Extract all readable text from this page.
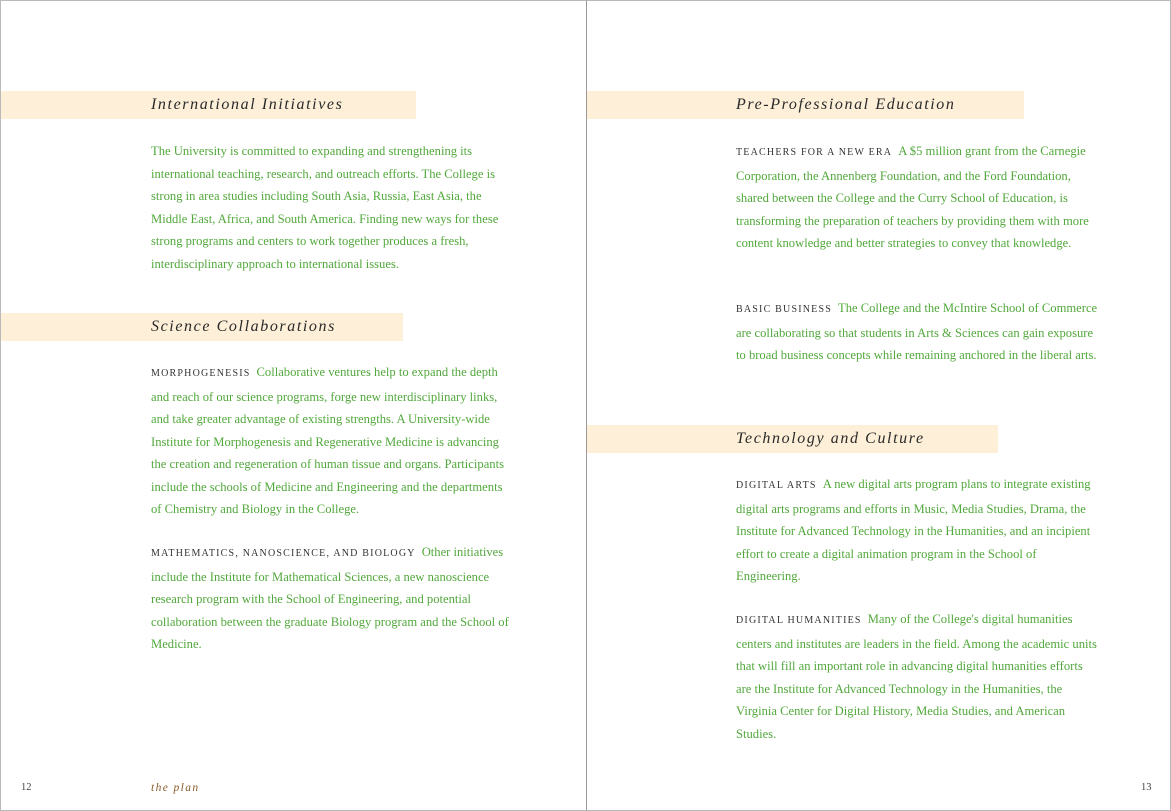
International Initiatives

The University is committed to expanding and strengthening its international teaching, research, and outreach efforts. The College is strong in area studies including South Asia, Russia, East Asia, the Middle East, Africa, and South America. Finding new ways for these strong programs and centers to work together produces a fresh, interdisciplinary approach to international issues.

Science Collaborations

MORPHOGENESIS Collaborative ventures help to expand the depth and reach of our science programs, forge new interdisciplinary links, and take greater advantage of existing strengths. A University-wide Institute for Morphogenesis and Regenerative Medicine is advancing the creation and regeneration of human tissue and organs. Participants include the schools of Medicine and Engineering and the departments of Chemistry and Biology in the College.

MATHEMATICS, NANOSCIENCE, AND BIOLOGY Other initiatives include the Institute for Mathematical Sciences, a new nanoscience research program with the School of Engineering, and potential collaboration between the graduate Biology program and the School of Medicine.

12	the plan
Pre-Professional Education

TEACHERS FOR A NEW ERA A $5 million grant from the Carnegie Corporation, the Annenberg Foundation, and the Ford Foundation, shared between the College and the Curry School of Education, is transforming the preparation of teachers by providing them with more content knowledge and better strategies to convey that knowledge.

BASIC BUSINESS The College and the McIntire School of Commerce are collaborating so that students in Arts & Sciences can gain exposure to broad business concepts while remaining anchored in the liberal arts.

Technology and Culture

DIGITAL ARTS A new digital arts program plans to integrate existing digital arts programs and efforts in Music, Media Studies, Drama, the Institute for Advanced Technology in the Humanities, and an incipient effort to create a digital animation program in the School of Engineering.

DIGITAL HUMANITIES Many of the College's digital humanities centers and institutes are leaders in the field. Among the academic units that will fill an important role in advancing digital humanities efforts are the Institute for Advanced Technology in the Humanities, the Virginia Center for Digital History, Media Studies, and American Studies.

13
